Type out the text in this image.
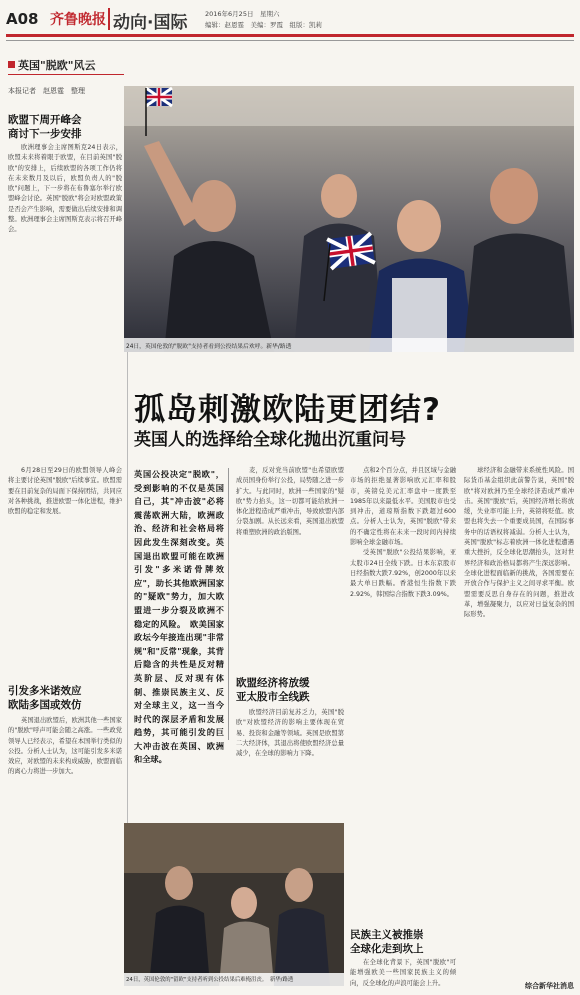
A08 齐鲁晚报 动向·国际	2016年6月25日　星期六
编辑：赵恩霆　美编：罗霞　组版：凯莉
英国"脱欧"风云
本报记者　赵恩霆　整理
欧盟下周开峰会
商讨下一步安排

欧洲理事会主席图斯克24日表示，欧盟未来将着眼于欧盟，在目前英国"脱欧"的安排上，后续欧盟的各项工作仍将在未来数月及以后，欧盟负责人的"脱欧"问题上，下一步将在布鲁塞尔举行欧盟峰会讨论。英国"脱欧"将会对欧盟政策是否会产生影响，需要做出后续安排和调整。欧洲理事会主席图斯克表示将召开峰会。

6月28日至29日的欧盟领导人峰会将主要讨论英国"脱欧"后续事宜。欧盟需要在目前复杂的局面下保持团结，共同应对各种挑战，推进欧盟一体化进程，维护欧盟的稳定和发展。

引发多米诺效应
欧陆多国或效仿

英国退出欧盟后，欧洲其他一些国家的"脱欧"呼声可能会随之高涨。一些政党领导人已经表示，希望在本国举行类似的公投。分析人士认为，这可能引发多米诺效应，对欧盟的未来构成威胁，欧盟面临的离心力将进一步加大。

24日，英国伦敦的"脱欧"支持者看到公投结果后欢呼。新华/路透
孤岛刺激欧陆更团结?
英国人的选择给全球化抛出沉重问号
英国公投决定"脱欧"，受到影响的不仅是英国自己，其"冲击波"必将震荡欧洲大陆，欧洲政治、经济和社会格局将因此发生深刻改变。英国退出欧盟可能在欧洲引发"多米诺骨牌效应"，助长其他欧洲国家的"疑欧"势力，加大欧盟进一步分裂及欧洲不稳定的风险。　欧美国家政坛今年接连出现"非常规"和"反常"现象，其背后隐含的共性是反对精英阶层、反对现有体制、推崇民族主义、反对全球主义，这一当今时代的深层矛盾和发展趋势，其可能引发的巨大冲击波在英国、欧洲和全球。

麦，反对党当前欧盟"也希望欧盟成员国身份举行公投，局势随之进一步扩大。与此同时，欧洲一些国家的"疑欧"势力抬头，这一切都可能给欧洲一体化进程造成严重冲击，导致欧盟内部分裂加剧。从长远来看，英国退出欧盟将重塑欧洲的政治版图。

欧盟经济将放缓
亚太股市全线跌

欧盟经济目前复苏乏力，英国"脱欧"对欧盟经济的影响主要体现在贸易、投资和金融等领域。英国是欧盟第二大经济体，其退出将使欧盟经济总量减少，在全球的影响力下降。

点和2个百分点，并且区域与金融市场的拒绝显著影响欧元汇率和股市，英镑兑美元汇率盘中一度跌至1985年以来最低水平。美国股市也受到冲击，道琼斯指数下跌超过600点。分析人士认为，英国"脱欧"带来的不确定性将在未来一段时间内持续影响全球金融市场。

受英国"脱欧"公投结果影响，亚太股市24日全线下跌。日本东京股市日经指数大跌7.92%，创2000年以来最大单日跌幅。香港恒生指数下跌2.92%，韩国综合指数下跌3.09%。

民族主义被推崇
全球化走到坎上

在全球化背景下，英国"脱欧"可能增强欧美一些国家民族主义的倾向，反全球化的声浪可能会上升。

球经济和金融带来系统性风险。国际货币基金组织此前警告说，英国"脱欧"将对欧洲乃至全球经济造成严重冲击。英国"脱欧"后，英国经济增长将放缓，失业率可能上升，英镑将贬值。欧盟也将失去一个重要成员国，在国际事务中的话语权将减弱。分析人士认为，英国"脱欧"标志着欧洲一体化进程遭遇重大挫折，反全球化思潮抬头，这对世界经济和政治格局都将产生深远影响。全球化进程面临新的挑战，各国需要在开放合作与保护主义之间寻求平衡。欧盟需要反思自身存在的问题，推进改革，增强凝聚力，以应对日益复杂的国际形势。

24日，英国伦敦的"留欧"支持者听到公投结果后难掩沮丧。　新华/路透
综合新华社消息
